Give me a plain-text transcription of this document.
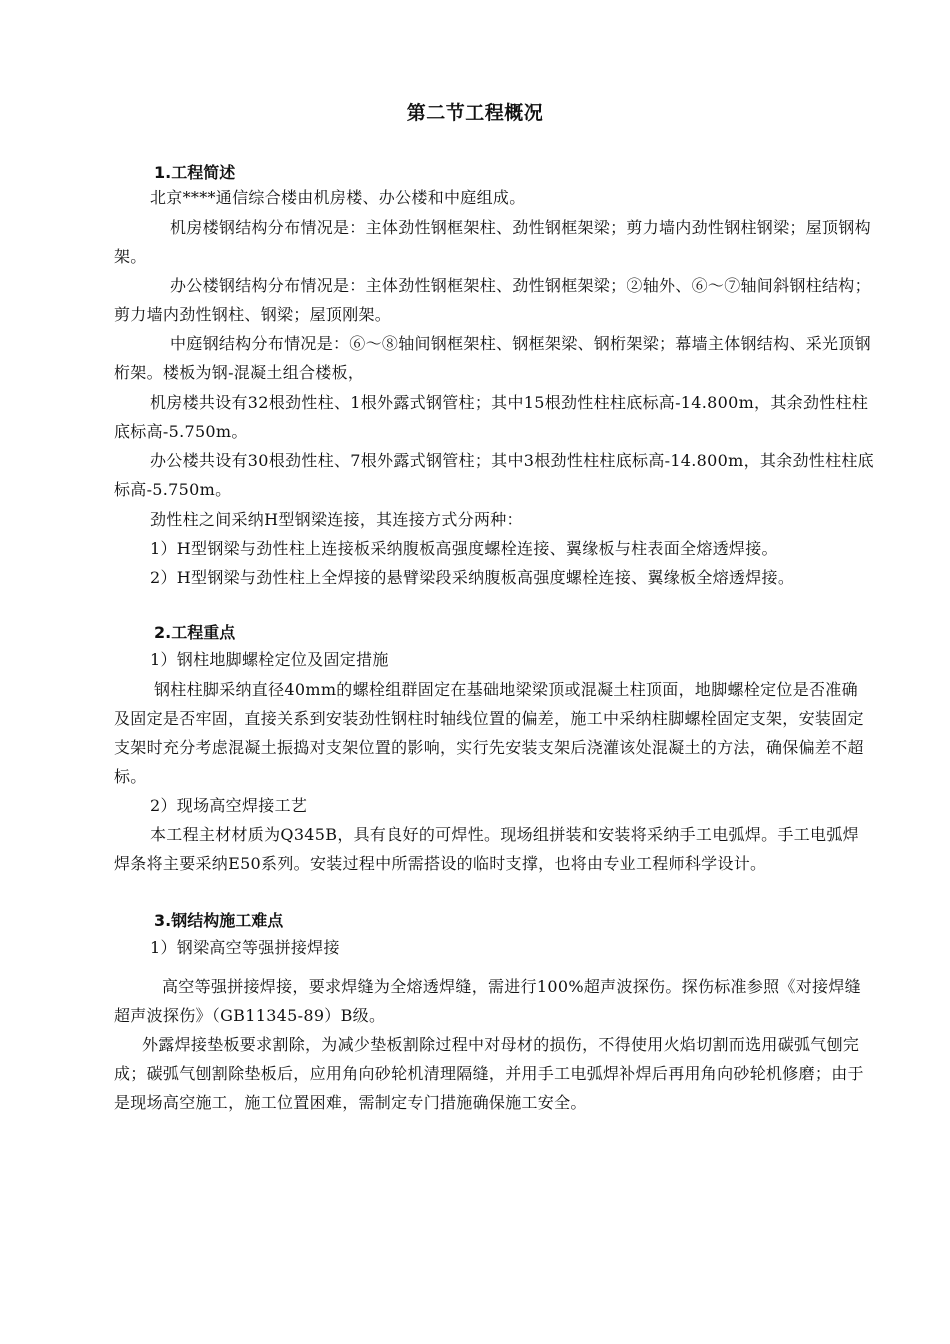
第二节工程概况
1.工程简述
北京****通信综合楼由机房楼、办公楼和中庭组成。
机房楼钢结构分布情况是：主体劲性钢框架柱、劲性钢框架梁；剪力墙内劲性钢柱钢梁；屋顶钢构架。
办公楼钢结构分布情况是：主体劲性钢框架柱、劲性钢框架梁；②轴外、⑥～⑦轴间斜钢柱结构；剪力墙内劲性钢柱、钢梁；屋顶刚架。
中庭钢结构分布情况是：⑥～⑧轴间钢框架柱、钢框架梁、钢桁架梁；幕墙主体钢结构、采光顶钢桁架。楼板为钢-混凝土组合楼板，
机房楼共设有32根劲性柱、1根外露式钢管柱；其中15根劲性柱柱底标高-14.800m，其余劲性柱柱底标高-5.750m。
办公楼共设有30根劲性柱、7根外露式钢管柱；其中3根劲性柱柱底标高-14.800m，其余劲性柱柱底标高-5.750m。
劲性柱之间采纳H型钢梁连接，其连接方式分两种：
1）H型钢梁与劲性柱上连接板采纳腹板高强度螺栓连接、翼缘板与柱表面全熔透焊接。
2）H型钢梁与劲性柱上全焊接的悬臂梁段采纳腹板高强度螺栓连接、翼缘板全熔透焊接。
2.工程重点
1）钢柱地脚螺栓定位及固定措施
钢柱柱脚采纳直径40mm的螺栓组群固定在基础地梁梁顶或混凝土柱顶面，地脚螺栓定位是否准确及固定是否牢固，直接关系到安装劲性钢柱时轴线位置的偏差，施工中采纳柱脚螺栓固定支架，安装固定支架时充分考虑混凝土振捣对支架位置的影响，实行先安装支架后浇灌该处混凝土的方法，确保偏差不超标。
2）现场高空焊接工艺
本工程主材材质为Q345B，具有良好的可焊性。现场组拼装和安装将采纳手工电弧焊。手工电弧焊焊条将主要采纳E50系列。安装过程中所需搭设的临时支撑，也将由专业工程师科学设计。
3.钢结构施工难点
1）钢梁高空等强拼接焊接
高空等强拼接焊接，要求焊缝为全熔透焊缝，需进行100%超声波探伤。探伤标准参照《对接焊缝超声波探伤》（GB11345-89）B级。
外露焊接垫板要求割除，为减少垫板割除过程中对母材的损伤，不得使用火焰切割而选用碳弧气刨完成；碳弧气刨割除垫板后，应用角向砂轮机清理隔缝，并用手工电弧焊补焊后再用角向砂轮机修磨；由于是现场高空施工，施工位置困难，需制定专门措施确保施工安全。
